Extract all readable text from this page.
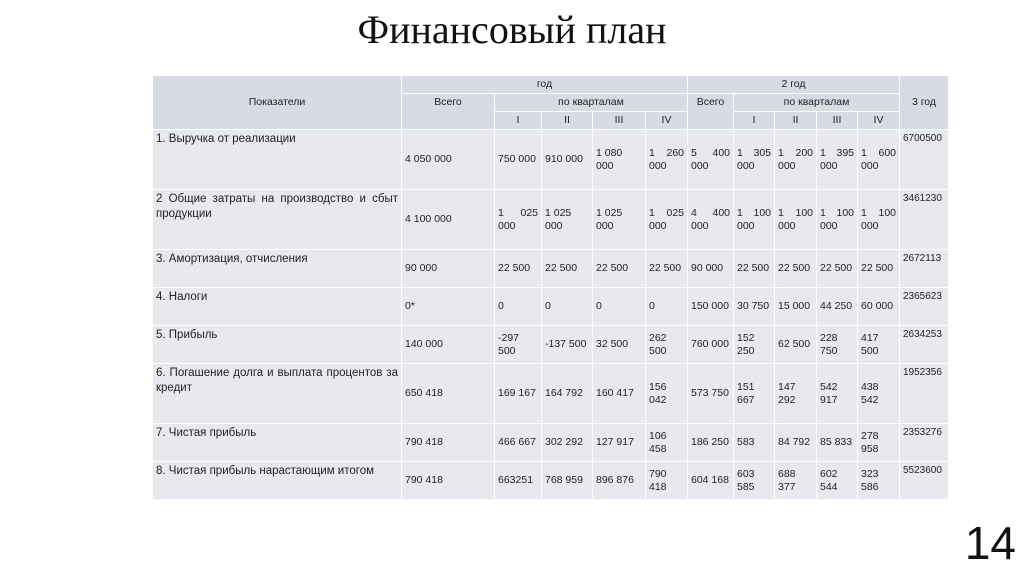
Финансовый план
Показатели	год					2 год					3 год
	Всего	по кварталам				Всего	по кварталам				
		I	II	III	IV		I	II	III	IV	
1. Выручка от реализации	4 050 000	750 000	910 000	1 080 000	1 260 000	5 400 000	1 305 000	1 200 000	1 395 000	1 600 000	6700500
2 Общие затраты на производство и сбыт продукции	4 100 000	1 025 000	1 025 000	1 025 000	1 025 000	4 400 000	1 100 000	1 100 000	1 100 000	1 100 000	3461230
3. Амортизация, отчисления	90 000	22 500	22 500	22 500	22 500	90 000	22 500	22 500	22 500	22 500	2672113
4. Налоги	0*	0	0	0	0	150 000	30 750	15 000	44 250	60 000	2365623
5. Прибыль	140 000	-297 500	-137 500	32 500	262 500	760 000	152 250	62 500	228 750	417 500	2634253
6. Погашение долга и выплата процентов за кредит	650 418	169 167	164 792	160 417	156 042	573 750	151 667	147 292	542 917	438 542	1952356
7. Чистая прибыль	790 418	466 667	302 292	127 917	106 458	186 250	583	84 792	85 833	278 958	2353276
8. Чистая прибыль нарастающим итогом	790 418	663251	768 959	896 876	790 418	604 168	603 585	688 377	602 544	323 586	5523600
14
